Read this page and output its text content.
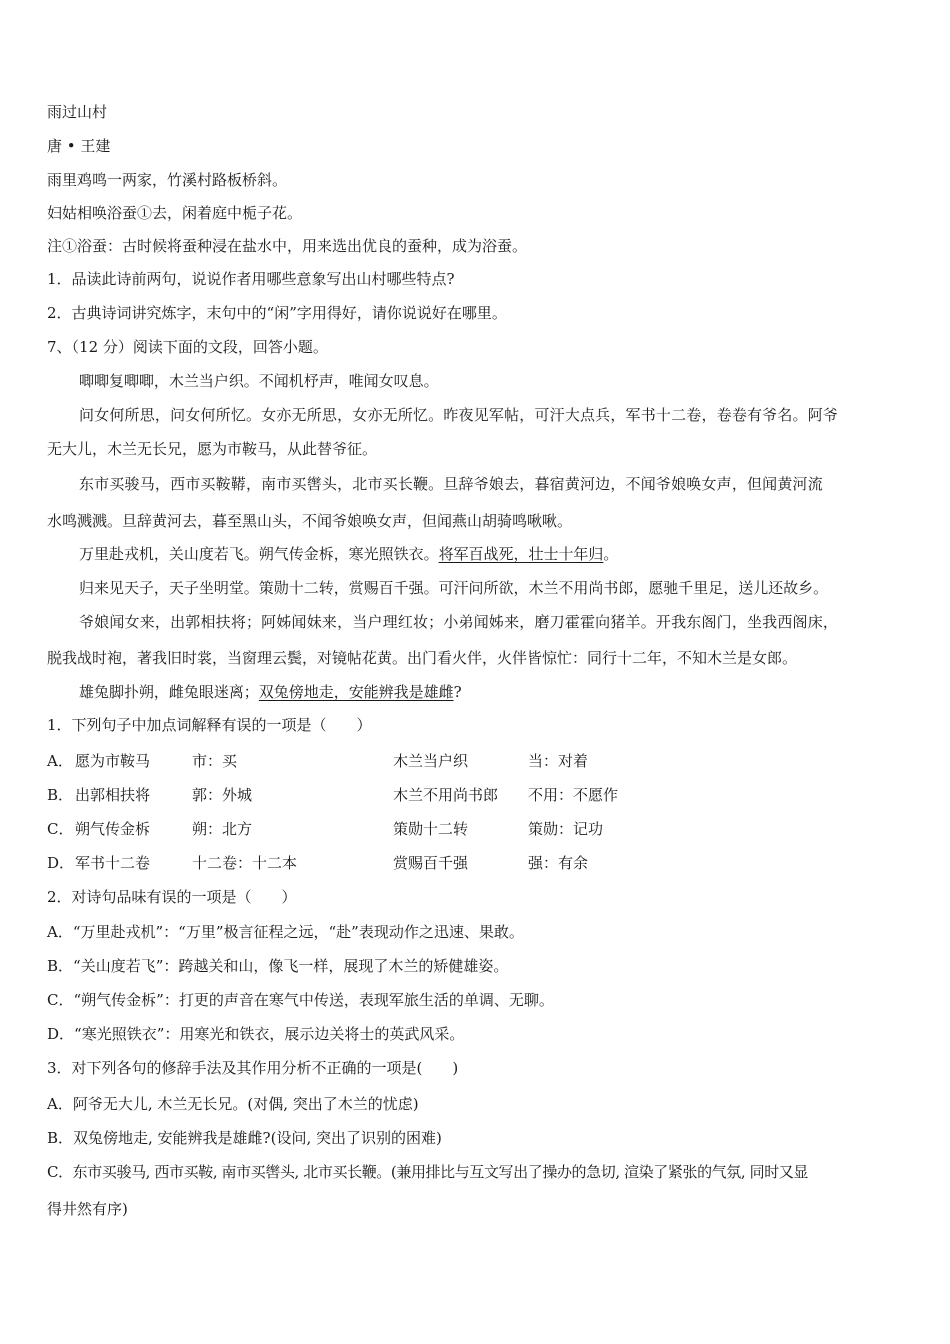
雨过山村
唐 • 王建
雨里鸡鸣一两家，竹溪村路板桥斜。
妇姑相唤浴蚕①去，闲着庭中栀子花。
注①浴蚕：古时候将蚕种浸在盐水中，用来选出优良的蚕种，成为浴蚕。
1．品读此诗前两句，说说作者用哪些意象写出山村哪些特点?
2．古典诗词讲究炼字，末句中的“闲”字用得好，请你说说好在哪里。
7、（12 分）阅读下面的文段，回答小题。
唧唧复唧唧，木兰当户织。不闻机杼声，唯闻女叹息。
问女何所思，问女何所忆。女亦无所思，女亦无所忆。昨夜见军帖，可汗大点兵，军书十二卷，卷卷有爷名。阿爷
无大儿，木兰无长兄，愿为市鞍马，从此替爷征。
东市买骏马，西市买鞍鞯，南市买辔头，北市买长鞭。旦辞爷娘去，暮宿黄河边，不闻爷娘唤女声，但闻黄河流
水鸣溅溅。旦辞黄河去，暮至黑山头，不闻爷娘唤女声，但闻燕山胡骑鸣啾啾。
万里赴戎机，关山度若飞。朔气传金柝，寒光照铁衣。将军百战死，壮士十年归。
归来见天子，天子坐明堂。策勋十二转，赏赐百千强。可汗问所欲，木兰不用尚书郎，愿驰千里足，送儿还故乡。
爷娘闻女来，出郭相扶将；阿姊闻妹来，当户理红妆；小弟闻姊来，磨刀霍霍向猪羊。开我东阁门，坐我西阁床，
脱我战时袍，著我旧时裳，当窗理云鬓，对镜帖花黄。出门看火伴，火伴皆惊忙：同行十二年，不知木兰是女郎。
雄兔脚扑朔，雌兔眼迷离；双兔傍地走，安能辨我是雄雌?
1．下列句子中加点词解释有误的一项是（　　）
A． 愿为市鞍马	市：买	木兰当户织	当：对着
B． 出郭相扶将	郭：外城	木兰不用尚书郎 不用：不愿作
C． 朔气传金柝	朔：北方	策勋十二转	策勋：记功
D． 军书十二卷	十二卷：十二本	赏赐百千强	强：有余
2．对诗句品味有误的一项是（　　）
A．“万里赴戎机”：“万里”极言征程之远，“赴”表现动作之迅速、果敢。
B．“关山度若飞”：跨越关和山，像飞一样，展现了木兰的矫健雄姿。
C．“朔气传金柝”：打更的声音在寒气中传送，表现军旅生活的单调、无聊。
D．“寒光照铁衣”：用寒光和铁衣，展示边关将士的英武风采。
3．对下列各句的修辞手法及其作用分析不正确的一项是(　　)
A．阿爷无大儿, 木兰无长兄。(对偶, 突出了木兰的忧虑)
B．双兔傍地走, 安能辨我是雄雌?(设问, 突出了识别的困难)
C．东市买骏马, 西市买鞍, 南市买辔头, 北市买长鞭。(兼用排比与互文写出了操办的急切, 渲染了紧张的气氛, 同时又显
得井然有序)
